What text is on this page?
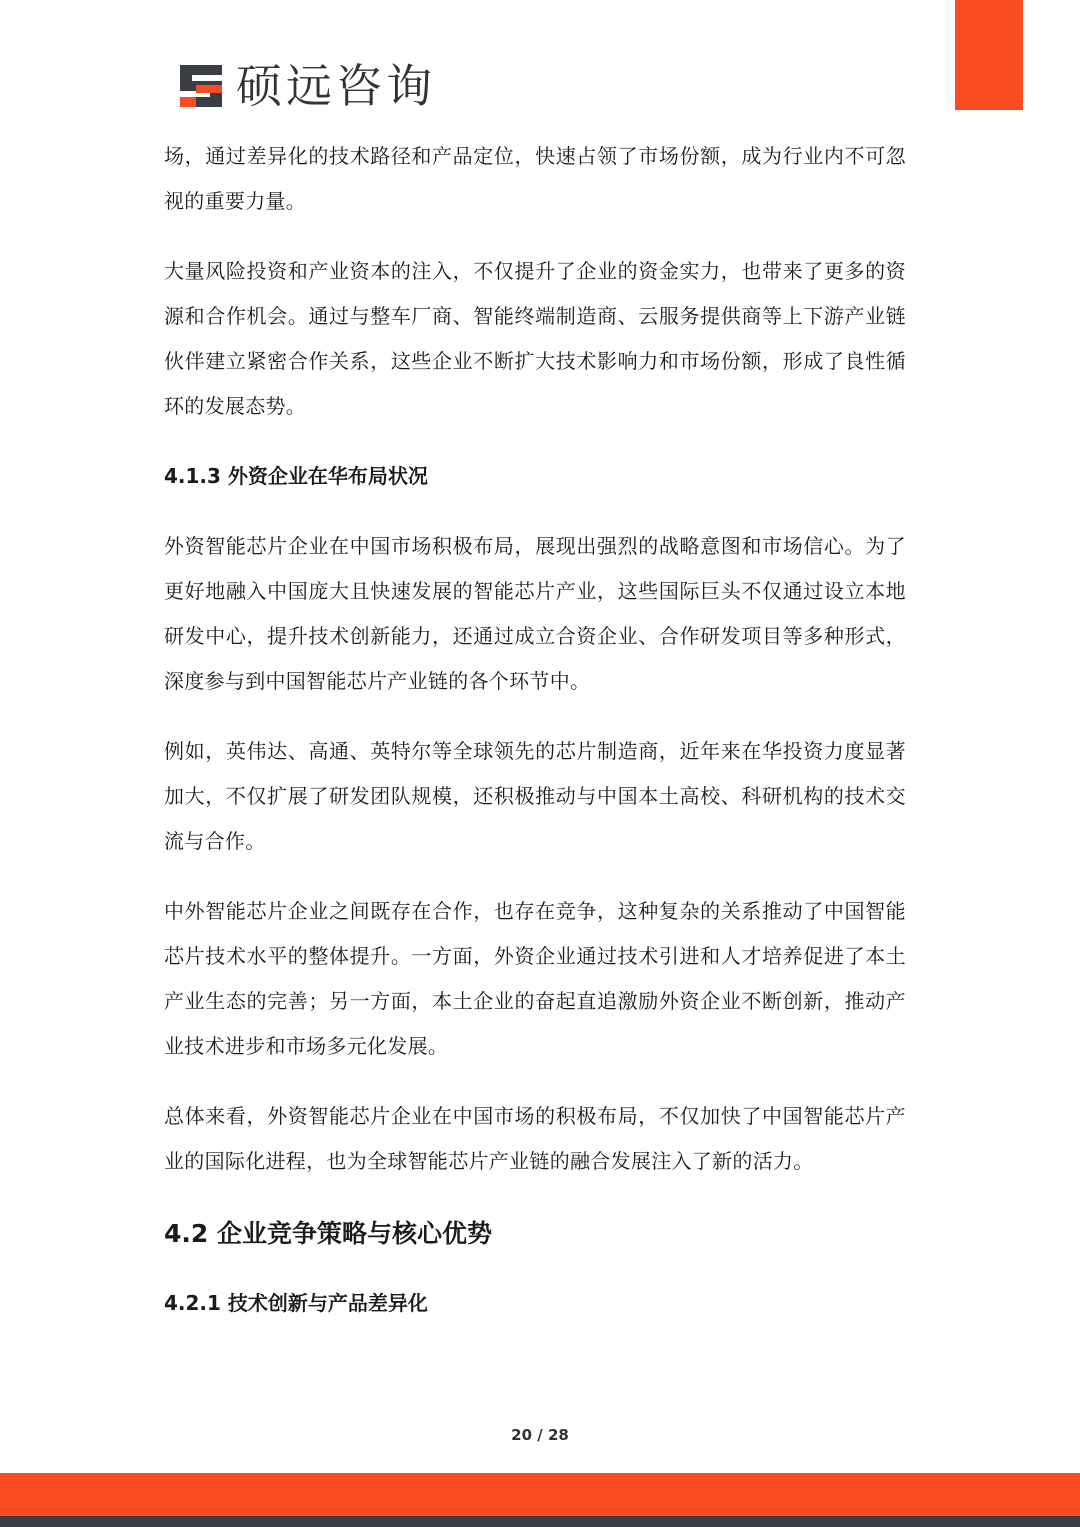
硕远咨询

场，通过差异化的技术路径和产品定位，快速占领了市场份额，成为行业内不可忽视的重要力量。

大量风险投资和产业资本的注入，不仅提升了企业的资金实力，也带来了更多的资源和合作机会。通过与整车厂商、智能终端制造商、云服务提供商等上下游产业链伙伴建立紧密合作关系，这些企业不断扩大技术影响力和市场份额，形成了良性循环的发展态势。

4.1.3 外资企业在华布局状况

外资智能芯片企业在中国市场积极布局，展现出强烈的战略意图和市场信心。为了更好地融入中国庞大且快速发展的智能芯片产业，这些国际巨头不仅通过设立本地研发中心，提升技术创新能力，还通过成立合资企业、合作研发项目等多种形式，深度参与到中国智能芯片产业链的各个环节中。

例如，英伟达、高通、英特尔等全球领先的芯片制造商，近年来在华投资力度显著加大，不仅扩展了研发团队规模，还积极推动与中国本土高校、科研机构的技术交流与合作。

中外智能芯片企业之间既存在合作，也存在竞争，这种复杂的关系推动了中国智能芯片技术水平的整体提升。一方面，外资企业通过技术引进和人才培养促进了本土产业生态的完善；另一方面，本土企业的奋起直追激励外资企业不断创新，推动产业技术进步和市场多元化发展。

总体来看，外资智能芯片企业在中国市场的积极布局，不仅加快了中国智能芯片产业的国际化进程，也为全球智能芯片产业链的融合发展注入了新的活力。

4.2 企业竞争策略与核心优势
4.2.1 技术创新与产品差异化
20 / 28
